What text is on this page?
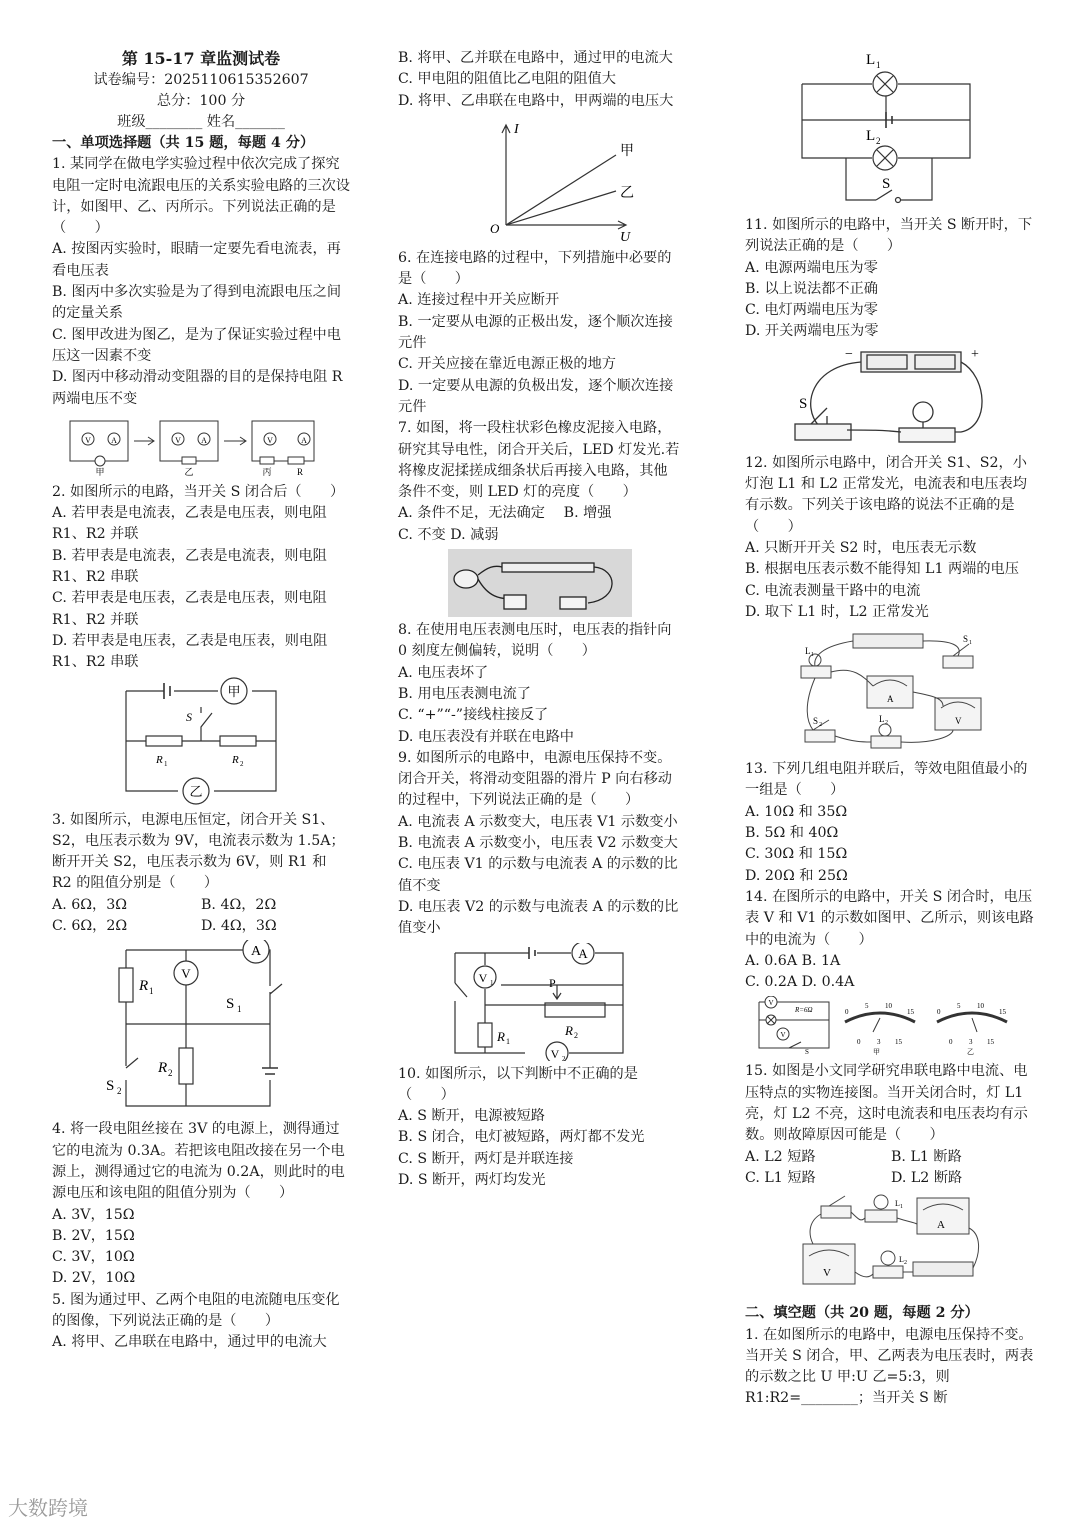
第 15-17 章监测试卷

试卷编号：2025110615352607

总分：100 分

班级________ 姓名_______

一、单项选择题（共 15 题，每题 4 分）

1. 某同学在做电学实验过程中依次完成了探究电阻一定时电流跟电压的关系实验电路的三次设计，如图甲、乙、丙所示。下列说法正确的是（　　）

A. 按图丙实验时，眼睛一定要先看电流表，再看电压表

B. 图丙中多次实验是为了得到电流跟电压之间的定量关系

C. 图甲改进为图乙，是为了保证实验过程中电压这一因素不变

D. 图丙中移动滑动变阻器的目的是保持电阻 R 两端电压不变

V	A	V	A	V	A
甲	乙	丙	R

2. 如图所示的电路，当开关 S 闭合后（　　）

A. 若甲表是电流表，乙表是电压表，则电阻 R1、R2 并联

B. 若甲表是电流表，乙表是电流表，则电阻 R1、R2 串联

C. 若甲表是电压表，乙表是电压表，则电阻 R1、R2 并联

D. 若甲表是电压表，乙表是电压表，则电阻 R1、R2 串联

甲
乙
S
R 1	R 2

3. 如图所示，电源电压恒定，闭合开关 S1、S2，电压表示数为 9V，电流表示数为 1.5A；断开开关 S2，电压表示数为 6V，则 R1 和 R2 的阻值分别是（　　）

A. 6Ω，3Ω	B. 4Ω，2Ω
C. 6Ω，2Ω	D. 4Ω，3Ω
A
V
R 1
R 2
S 1
S 2

4. 将一段电阻丝接在 3V 的电源上，测得通过它的电流为 0.3A。若把该电阻改接在另一个电源上，测得通过它的电流为 0.2A，则此时的电源电压和该电阻的阻值分别为（　　）

A. 3V，15Ω

B. 2V，15Ω

C. 3V，10Ω

D. 2V，10Ω

5. 图为通过甲、乙两个电阻的电流随电压变化的图像，下列说法正确的是（　　）

A. 将甲、乙串联在电路中，通过甲的电流大

B. 将甲、乙并联在电路中，通过甲的电流大

C. 甲电阻的阻值比乙电阻的阻值大

D. 将甲、乙串联在电路中，甲两端的电压大

I
U
O
甲
乙

6. 在连接电路的过程中，下列措施中必要的是（　　）

A. 连接过程中开关应断开

B. 一定要从电源的正极出发，逐个顺次连接元件

C. 开关应接在靠近电源正极的地方

D. 一定要从电源的负极出发，逐个顺次连接元件

7. 如图，将一段柱状彩色橡皮泥接入电路，研究其导电性，闭合开关后，LED 灯发光.若将橡皮泥揉搓成细条状后再接入电路，其他条件不变，则 LED 灯的亮度（　　）

A. 条件不足，无法确定　 B. 增强

C. 不变 D. 减弱

8. 在使用电压表测电压时，电压表的指针向 0 刻度左侧偏转，说明（　　）

A. 电压表坏了

B. 用电压表测电流了

C. “+”“-”接线柱接反了

D. 电压表没有并联在电路中

9. 如图所示的电路中，电源电压保持不变。闭合开关，将滑动变阻器的滑片 P 向右移动的过程中，下列说法正确的是（　　）

A. 电流表 A 示数变大，电压表 V1 示数变小

B. 电流表 A 示数变小，电压表 V2 示数变大

C. 电压表 V1 的示数与电流表 A 的示数的比值不变

D. 电压表 V2 的示数与电流表 A 的示数的比值变小

A
V 1
V 2
P
R 1
R 2

10. 如图所示，以下判断中不正确的是（　　）

A. S 断开，电源被短路

B. S 闭合，电灯被短路，两灯都不发光

C. S 断开，两灯是并联连接

D. S 断开，两灯均发光

L 1
L 2
S

11. 如图所示的电路中，当开关 S 断开时，下列说法正确的是（　　）

A. 电源两端电压为零

B. 以上说法都不正确

C. 电灯两端电压为零

D. 开关两端电压为零

−	+
S

12. 如图所示电路中，闭合开关 S1、S2，小灯泡 L1 和 L2 正常发光，电流表和电压表均有示数。下列关于该电路的说法不正确的是（　　）

A. 只断开开关 S2 时，电压表无示数

B. 根据电压表示数不能得知 L1 两端的电压

C. 电流表测量干路中的电流

D. 取下 L1 时，L2 正常发光

L 1
S 1
A
V
S 2
L 2

13. 下列几组电阻并联后，等效电阻值最小的一组是（　　）

A. 10Ω 和 35Ω

B. 5Ω 和 40Ω

C. 30Ω 和 15Ω

D. 20Ω 和 25Ω

14. 在图所示的电路中，开关 S 闭合时，电压表 V 和 V1 的示数如图甲、乙所示，则该电路中的电流为（　　）

A. 0.6A B. 1A

C. 0.2A D. 0.4A

V
V
R=6Ω
S
0
5 10
15
0 3 15
甲
0
5 10
15
0 3 15
乙

15. 如图是小文同学研究串联电路中电流、电压特点的实物连接图。当开关闭合时，灯 L1 亮，灯 L2 不亮，这时电流表和电压表均有示数。则故障原因可能是（　　）

A. L2 短路	B. L1 断路
C. L1 短路	D. L2 断路
A
V
L 1
L 2

二、填空题（共 20 题，每题 2 分）

1. 在如图所示的电路中，电源电压保持不变。当开关 S 闭合，甲、乙两表为电压表时，两表的示数之比 U 甲:U 乙=5:3，则 R1:R2=________；当开关 S 断

大数跨境
